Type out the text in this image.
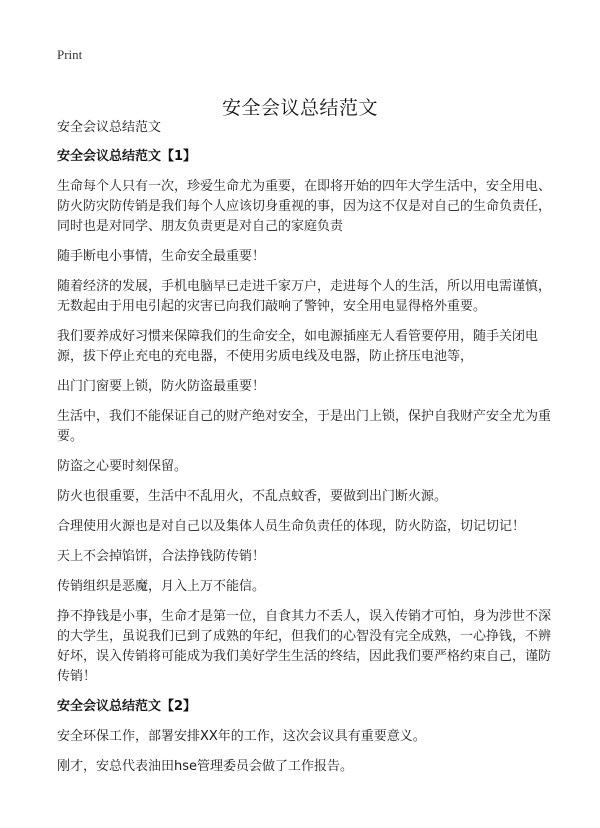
Print
安全会议总结范文

安全会议总结范文

安全会议总结范文【1】

生命每个人只有一次，珍爱生命尤为重要，在即将开始的四年大学生活中，安全用电、防火防灾防传销是我们每个人应该切身重视的事，因为这不仅是对自己的生命负责任，同时也是对同学、朋友负责更是对自己的家庭负责

随手断电小事情，生命安全最重要！

随着经济的发展，手机电脑早已走进千家万户，走进每个人的生活，所以用电需谨慎，无数起由于用电引起的灾害已向我们敲响了警钟，安全用电显得格外重要。

我们要养成好习惯来保障我们的生命安全，如电源插座无人看管要停用，随手关闭电源，拔下停止充电的充电器，不使用劣质电线及电器，防止挤压电池等，

出门门窗要上锁，防火防盗最重要！

生活中，我们不能保证自己的财产绝对安全，于是出门上锁，保护自我财产安全尤为重要。

防盗之心要时刻保留。

防火也很重要，生活中不乱用火，不乱点蚊香，要做到出门断火源。

合理使用火源也是对自己以及集体人员生命负责任的体现，防火防盗，切记切记！

天上不会掉馅饼，合法挣钱防传销！

传销组织是恶魔，月入上万不能信。

挣不挣钱是小事，生命才是第一位，自食其力不丢人，误入传销才可怕，身为涉世不深的大学生，虽说我们已到了成熟的年纪，但我们的心智没有完全成熟，一心挣钱，不辨好坏，误入传销将可能成为我们美好学生生活的终结，因此我们要严格约束自己，谨防传销！

安全会议总结范文【2】

安全环保工作，部署安排XX年的工作，这次会议具有重要意义。

刚才，安总代表油田hse管理委员会做了工作报告。
